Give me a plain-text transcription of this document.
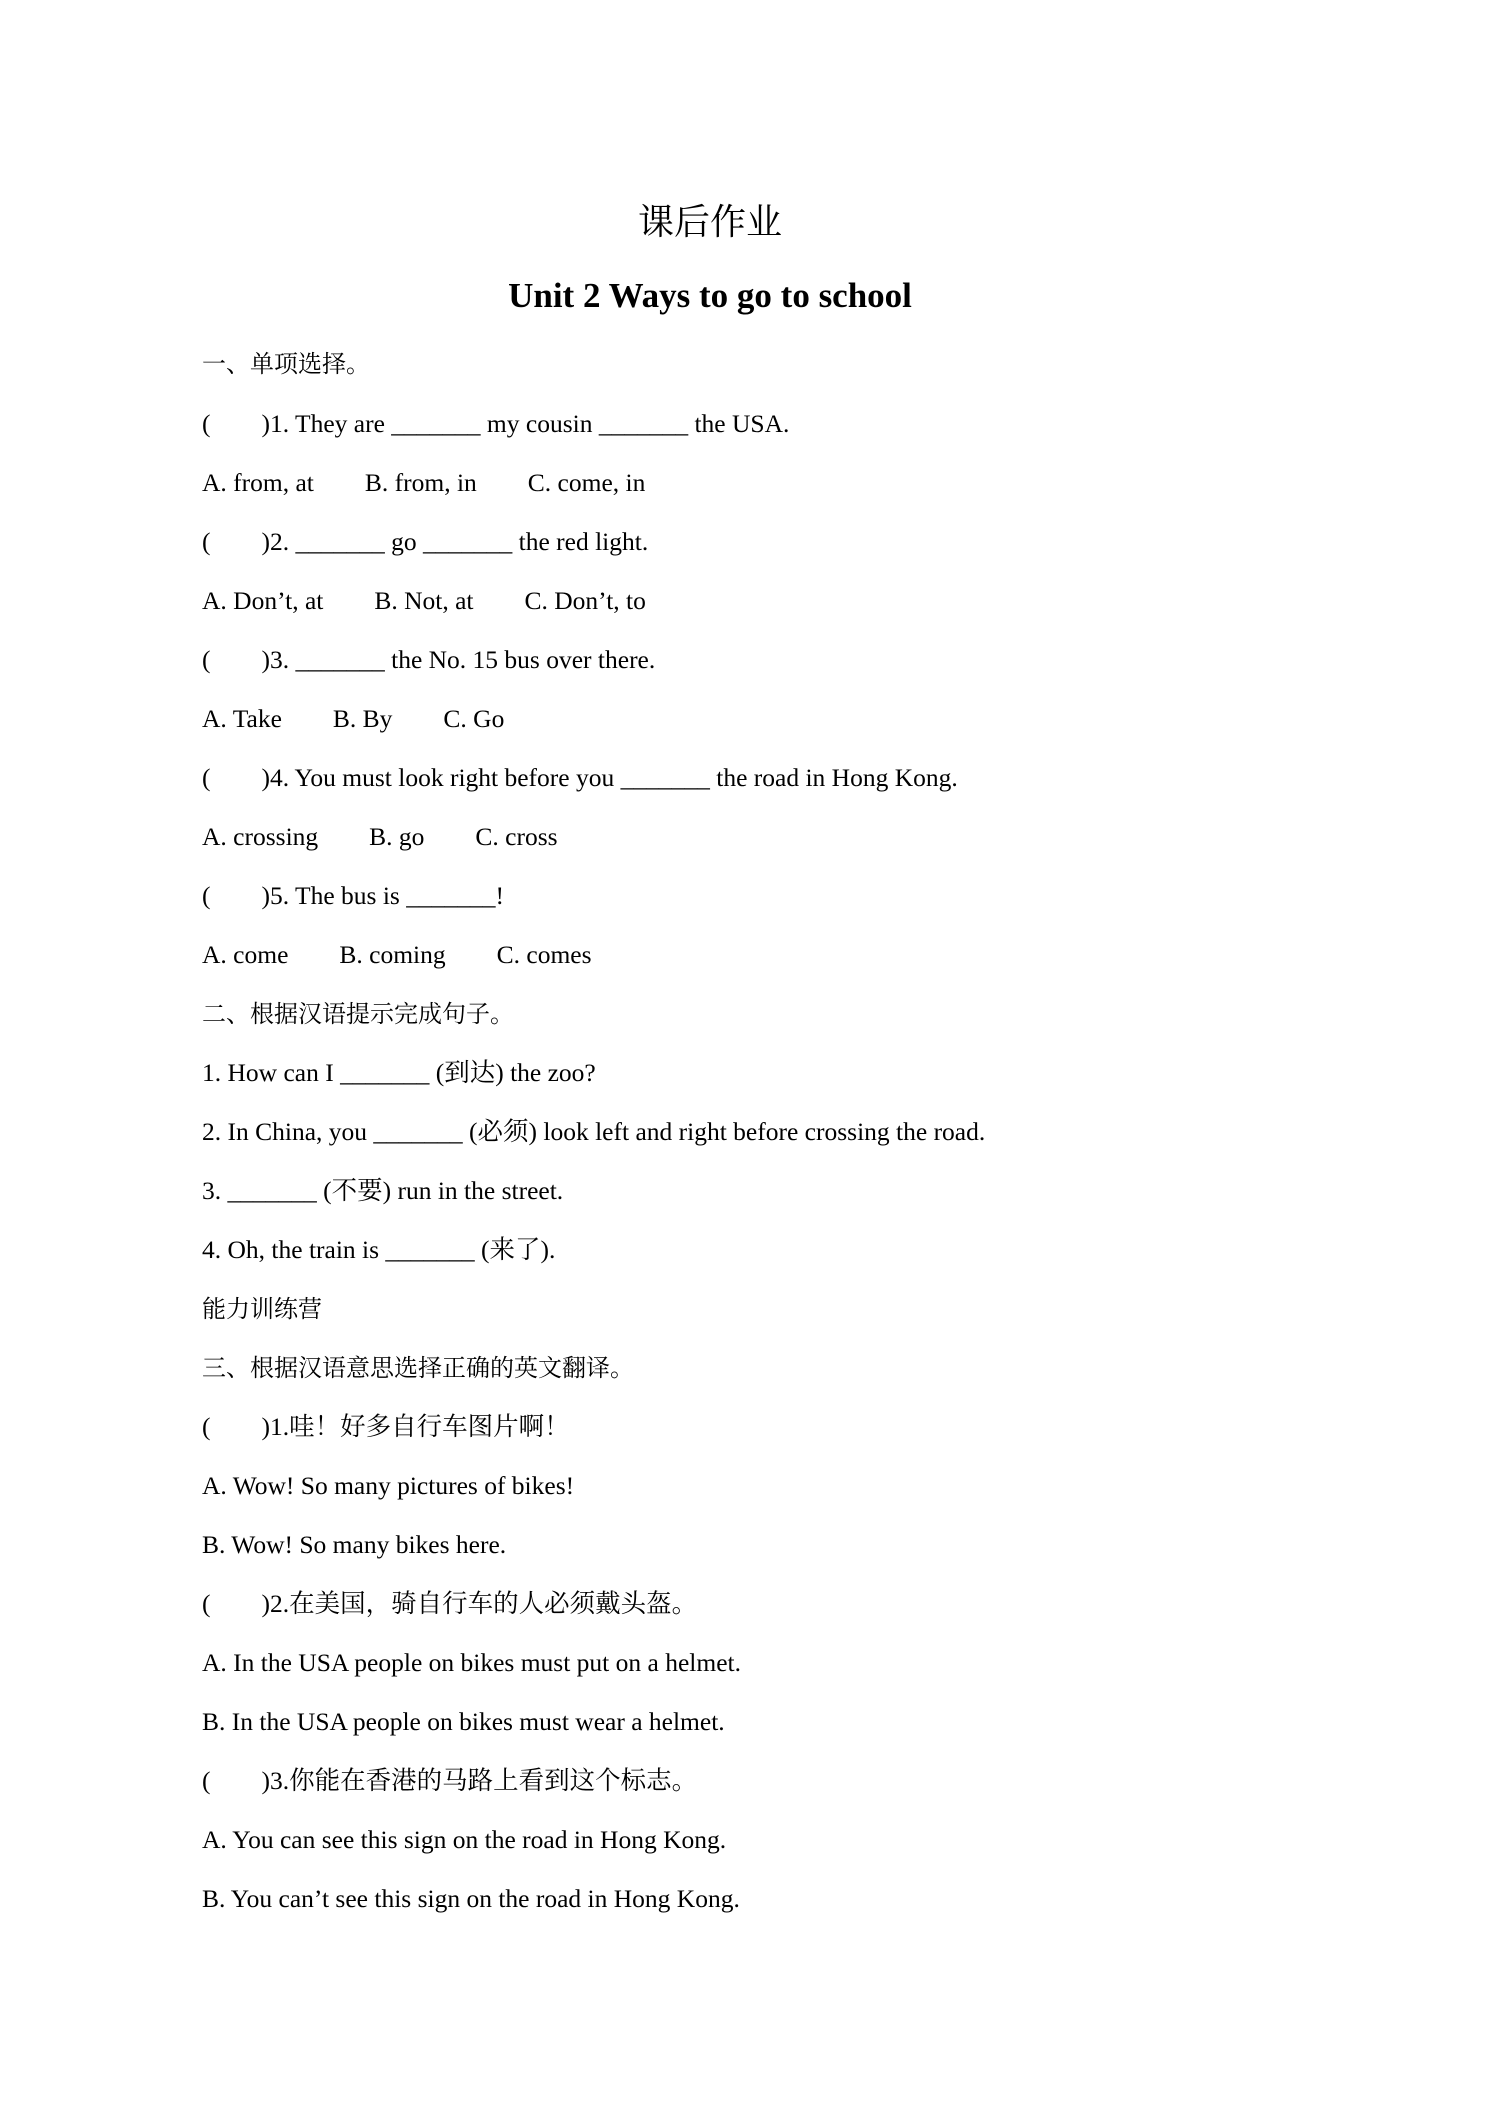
课后作业
Unit 2 Ways to go to school
一、单项选择。
(        )1. They are _______ my cousin _______ the USA.
A. from, at        B. from, in        C. come, in
(        )2. _______ go _______ the red light.
A. Don’t, at        B. Not, at        C. Don’t, to
(        )3. _______ the No. 15 bus over there.
A. Take        B. By        C. Go
(        )4. You must look right before you _______ the road in Hong Kong.
A. crossing        B. go        C. cross
(        )5. The bus is _______!
A. come        B. coming        C. comes
二、根据汉语提示完成句子。
1. How can I _______ (到达) the zoo?
2. In China, you _______ (必须) look left and right before crossing the road.
3. _______ (不要) run in the street.
4. Oh, the train is _______ (来了).
能力训练营
三、根据汉语意思选择正确的英文翻译。
(        )1.哇！好多自行车图片啊！
A. Wow! So many pictures of bikes!
B. Wow! So many bikes here.
(        )2.在美国，骑自行车的人必须戴头盔。
A. In the USA people on bikes must put on a helmet.
B. In the USA people on bikes must wear a helmet.
(        )3.你能在香港的马路上看到这个标志。
A. You can see this sign on the road in Hong Kong.
B. You can’t see this sign on the road in Hong Kong.
